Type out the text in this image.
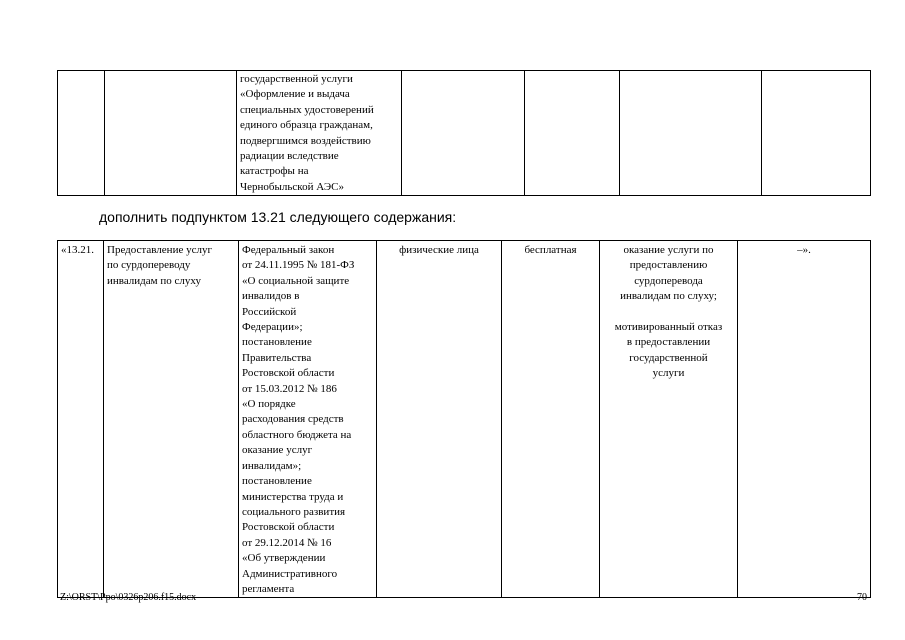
		государственной услуги
«Оформление и выдача
специальных удостоверений
единого образца гражданам,
подвергшимся воздействию
радиации вследствие
катастрофы на
Чернобыльской АЭС»				
дополнить подпунктом 13.21 следующего содержания:
«13.21.	Предоставление услуг
по сурдопереводу
инвалидам по слуху	Федеральный закон
от 24.11.1995 № 181-ФЗ
«О социальной защите
инвалидов в
Российской
Федерации»;
постановление
Правительства
Ростовской области
от 15.03.2012 № 186
«О порядке
расходования средств
областного бюджета на
оказание услуг
инвалидам»;
постановление
министерства труда и
социального развития
Ростовской области
от 29.12.2014 № 16
«Об утверждении
Административного
регламента	физические лица	бесплатная	оказание услуги по
предоставлению
сурдоперевода
инвалидам по слуху;

мотивированный отказ
в предоставлении
государственной
услуги	–».
Z:\ORST\Ppo\0326p206.f15.docx	70
